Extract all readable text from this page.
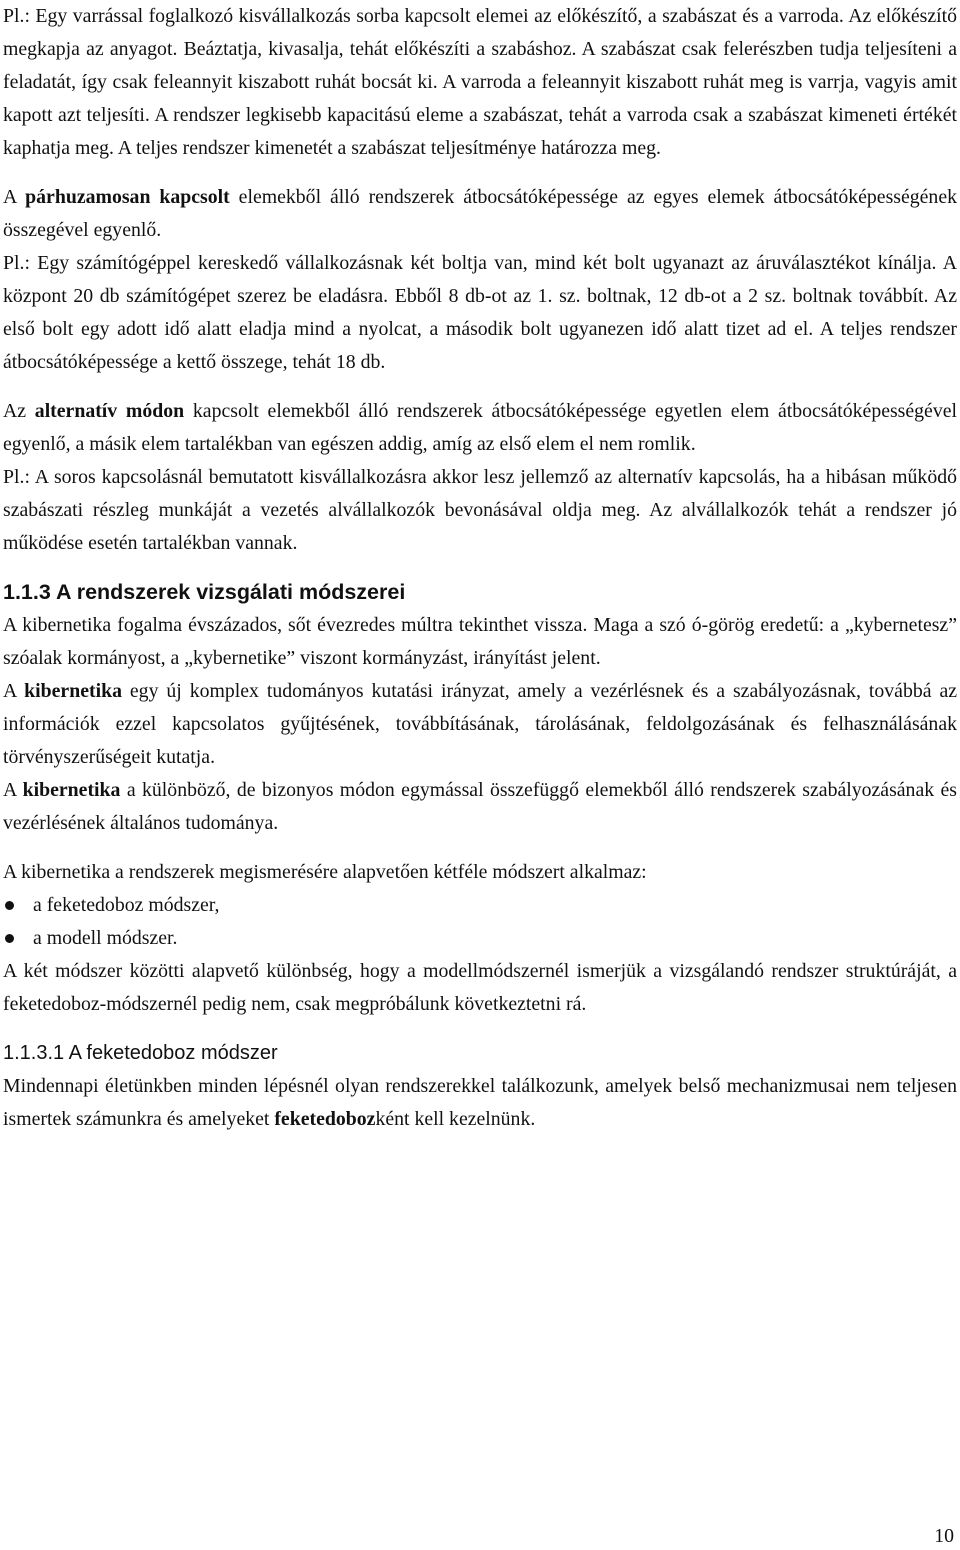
Pl.: Egy varrással foglalkozó kisvállalkozás sorba kapcsolt elemei az előkészítő, a szabászat és a varroda. Az előkészítő megkapja az anyagot. Beáztatja, kivasalja, tehát előkészíti a szabáshoz. A szabászat csak felerészben tudja teljesíteni a feladatát, így csak feleannyit kiszabott ruhát bocsát ki. A varroda a feleannyit kiszabott ruhát meg is varrja, vagyis amit kapott azt teljesíti. A rendszer legkisebb kapacitású eleme a szabászat, tehát a varroda csak a szabászat kimeneti értékét kaphatja meg. A teljes rendszer kimenetét a szabászat teljesítménye határozza meg.

A párhuzamosan kapcsolt elemekből álló rendszerek átbocsátóképessége az egyes elemek átbocsátóképességének összegével egyenlő.

Pl.: Egy számítógéppel kereskedő vállalkozásnak két boltja van, mind két bolt ugyanazt az áruválasztékot kínálja. A központ 20 db számítógépet szerez be eladásra. Ebből 8 db-ot az 1. sz. boltnak, 12 db-ot a 2 sz. boltnak továbbít. Az első bolt egy adott idő alatt eladja mind a nyolcat, a második bolt ugyanezen idő alatt tizet ad el. A teljes rendszer átbocsátóképessége a kettő összege, tehát 18 db.

Az alternatív módon kapcsolt elemekből álló rendszerek átbocsátóképessége egyetlen elem átbocsátóképességével egyenlő, a másik elem tartalékban van egészen addig, amíg az első elem el nem romlik.

Pl.: A soros kapcsolásnál bemutatott kisvállalkozásra akkor lesz jellemző az alternatív kapcsolás, ha a hibásan működő szabászati részleg munkáját a vezetés alvállalkozók bevonásával oldja meg. Az alvállalkozók tehát a rendszer jó működése esetén tartalékban vannak.

1.1.3 A rendszerek vizsgálati módszerei

A kibernetika fogalma évszázados, sőt évezredes múltra tekinthet vissza. Maga a szó ó-görög eredetű: a „kybernetesz” szóalak kormányost, a „kybernetike” viszont kormányzást, irányítást jelent.

A kibernetika egy új komplex tudományos kutatási irányzat, amely a vezérlésnek és a szabályozásnak, továbbá az információk ezzel kapcsolatos gyűjtésének, továbbításának, tárolásának, feldolgozásának és felhasználásának törvényszerűségeit kutatja.

A kibernetika a különböző, de bizonyos módon egymással összefüggő elemekből álló rendszerek szabályozásának és vezérlésének általános tudománya.

A kibernetika a rendszerek megismerésére alapvetően kétféle módszert alkalmaz:

a feketedoboz módszer,
a modell módszer.

A két módszer közötti alapvető különbség, hogy a modellmódszernél ismerjük a vizsgálandó rendszer struktúráját, a feketedoboz-módszernél pedig nem, csak megpróbálunk következtetni rá.

1.1.3.1 A feketedoboz módszer

Mindennapi életünkben minden lépésnél olyan rendszerekkel találkozunk, amelyek belső mechanizmusai nem teljesen ismertek számunkra és amelyeket feketedobozként kell kezelnünk.

10
